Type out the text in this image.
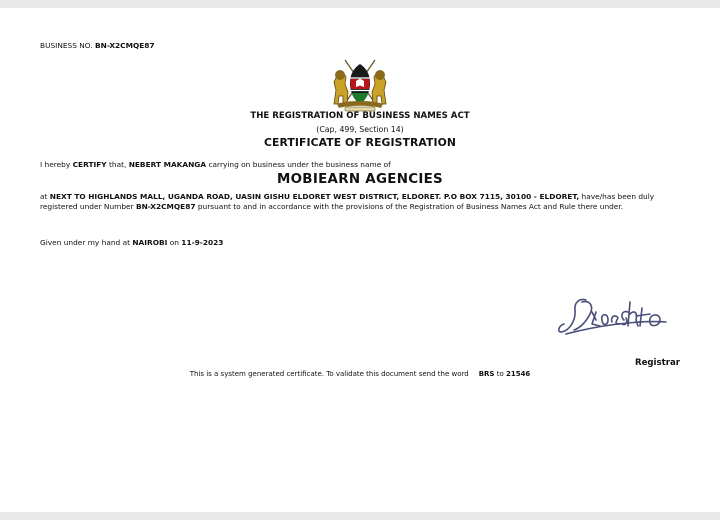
BUSINESS NO. BN-X2CMQE87
THE REGISTRATION OF BUSINESS NAMES ACT
(Cap, 499, Section 14)
CERTIFICATE OF REGISTRATION
I hereby CERTIFY that, NEBERT MAKANGA carrying on business under the business name of
MOBIEARN AGENCIES
at NEXT TO HIGHLANDS MALL, UGANDA ROAD, UASIN GISHU ELDORET WEST DISTRICT, ELDORET. P.O BOX 7115, 30100 - ELDORET, have/has been duly registered under Number BN-X2CMQE87 pursuant to and in accordance with the provisions of the Registration of Business Names Act and Rule there under.
Given under my hand at NAIROBI on 11-9-2023
Registrar
This is a system generated certificate. To validate this document send the word BRS to 21546
